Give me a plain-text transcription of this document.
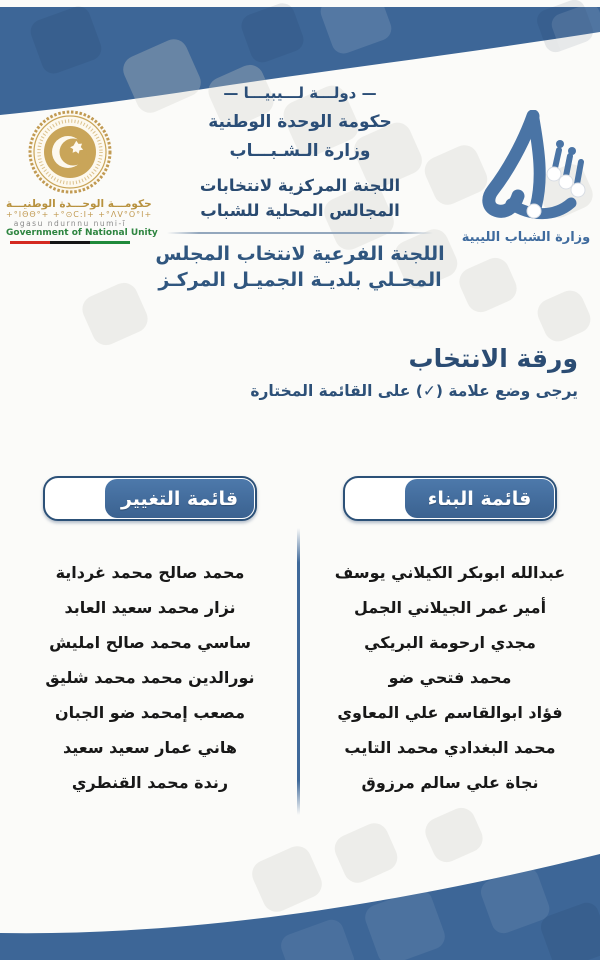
حكومـــة الوحـــدة الوطنيـــة
+°IΘΘ°+ +°⊙C:I+ +°ΛV°O°I+
agasu ndurnnu numi-ī
Government of National Unity	وزارة الشباب الليبية
— دولـــة لـــيبيـــا —
حكومة الوحدة الوطنية
وزارة الـشـبـــاب
اللجنة المركزية لانتخابات
المجالس المحلية للشباب
اللجنة الفرعية لانتخاب المجلس
المحـلي بلديـة الجميـل المركـز
ورقة الانتخاب
يرجى وضع علامة (✓) على القائمة المختارة
قائمة البناء
عبدالله ابوبكر الكيلاني يوسف
أمير عمر الجيلاني الجمل
مجدي ارحومة البريكي
محمد فتحي ضو
فؤاد ابوالقاسم علي المعاوي
محمد البغدادي محمد التايب
نجاة علي سالم مرزوق
قائمة التغيير
محمد صالح محمد غرداية
نزار محمد سعيد العابد
ساسي محمد صالح امليش
نورالدين محمد محمد شليق
مصعب إمحمد ضو الجبان
هاني عمار سعيد سعيد
رندة محمد القنطري
